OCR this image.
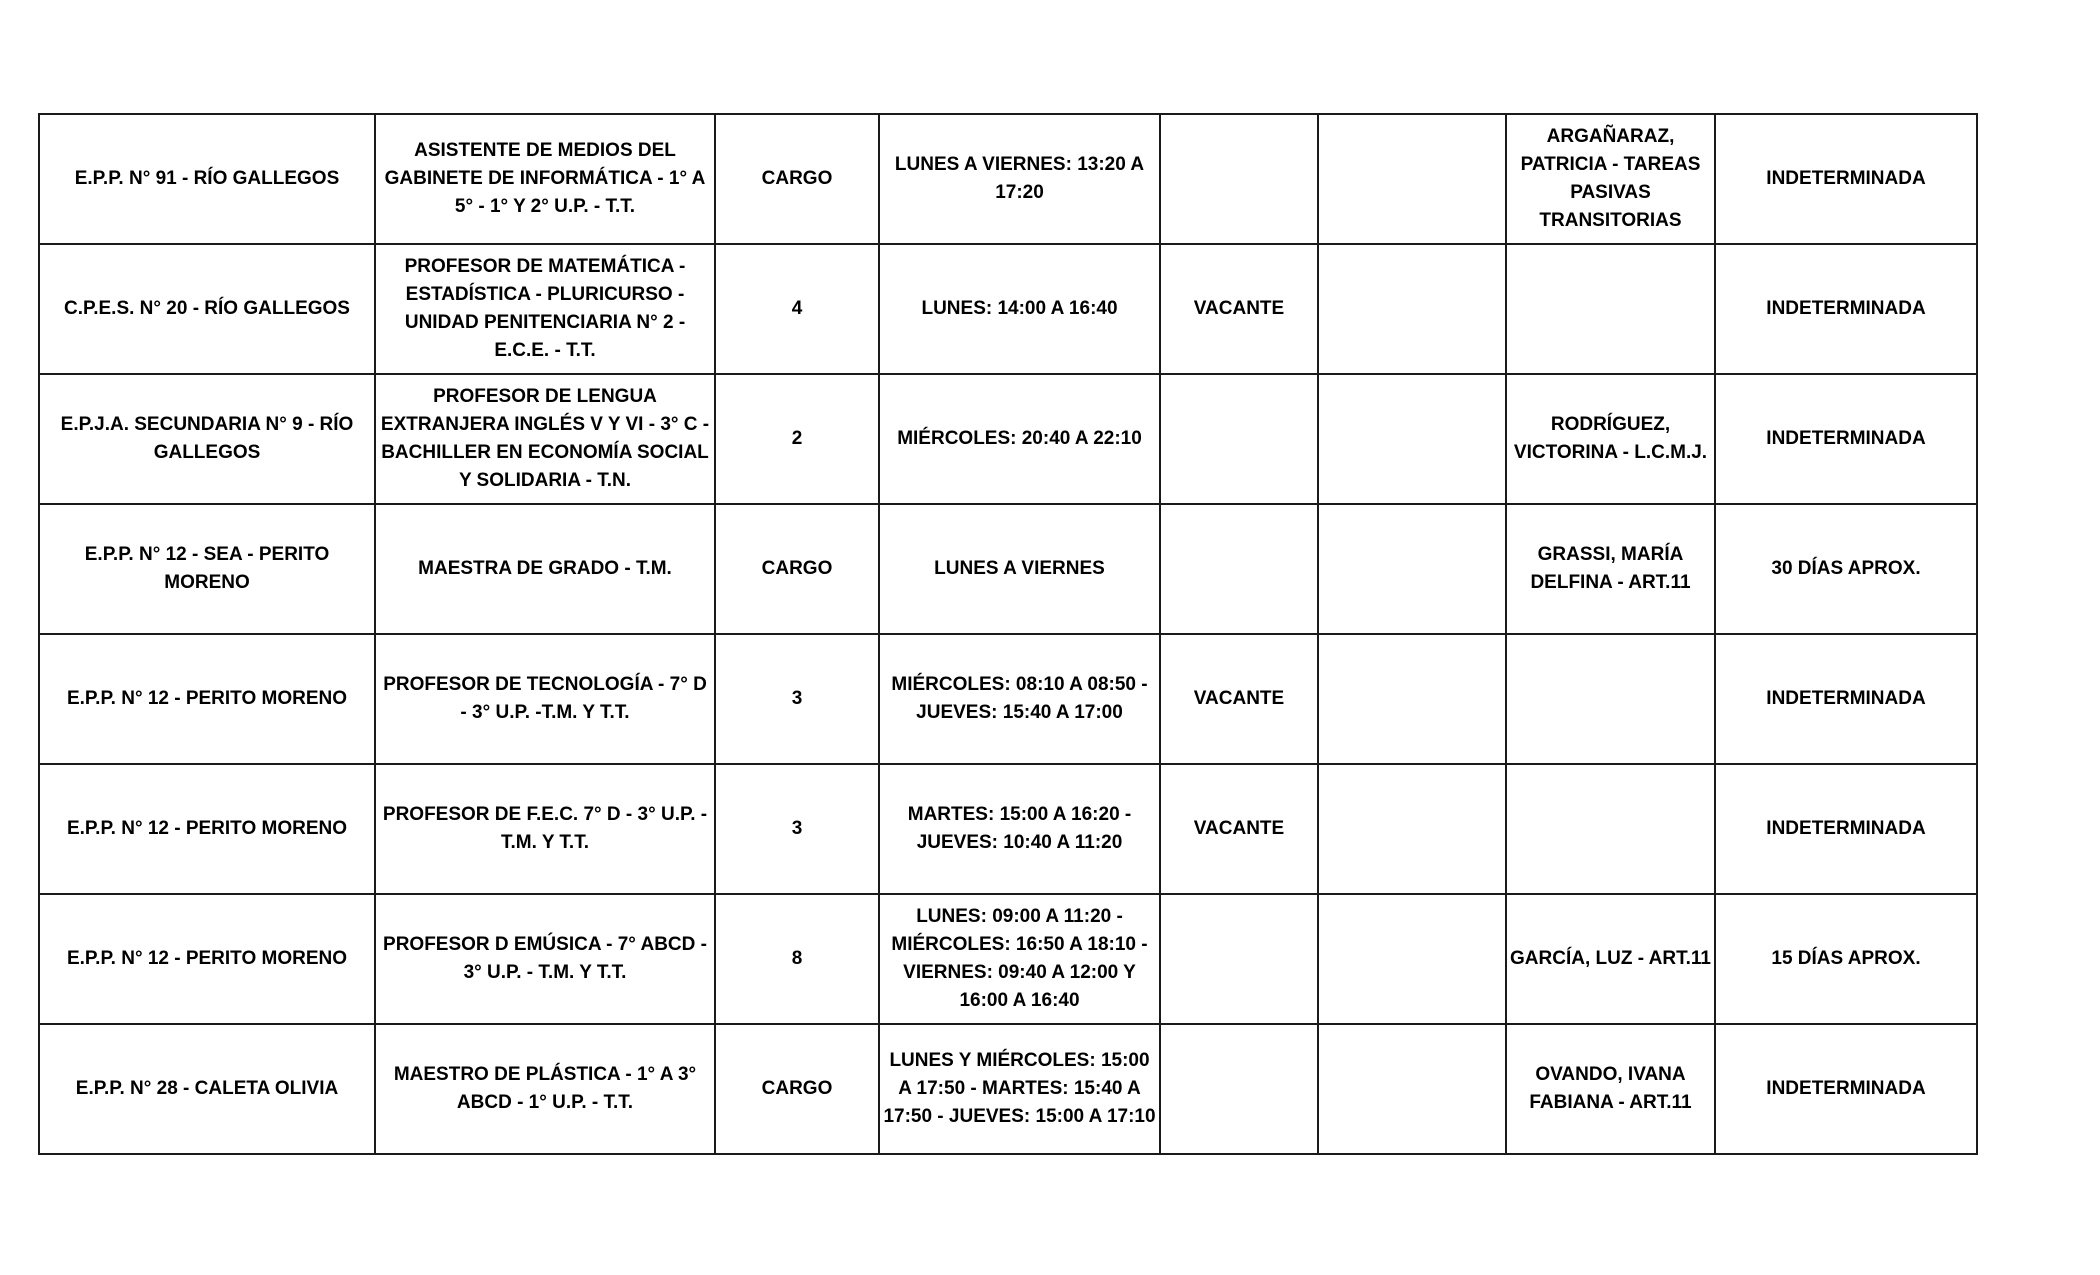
E.P.P. N° 91 - RÍO GALLEGOS	ASISTENTE DE MEDIOS DEL GABINETE DE INFORMÁTICA - 1° A 5° - 1° Y 2° U.P. - T.T.	CARGO	LUNES A VIERNES: 13:20 A 17:20			ARGAÑARAZ, PATRICIA - TAREAS PASIVAS TRANSITORIAS	INDETERMINADA
C.P.E.S. N° 20 - RÍO GALLEGOS	PROFESOR DE MATEMÁTICA - ESTADÍSTICA - PLURICURSO - UNIDAD PENITENCIARIA N° 2 - E.C.E. - T.T.	4	LUNES: 14:00 A 16:40	VACANTE			INDETERMINADA
E.P.J.A. SECUNDARIA N° 9 - RÍO GALLEGOS	PROFESOR DE LENGUA EXTRANJERA INGLÉS V Y VI - 3° C - BACHILLER EN ECONOMÍA SOCIAL Y SOLIDARIA - T.N.	2	MIÉRCOLES: 20:40 A 22:10			RODRÍGUEZ, VICTORINA - L.C.M.J.	INDETERMINADA
E.P.P. N° 12 - SEA - PERITO MORENO	MAESTRA DE GRADO - T.M.	CARGO	LUNES A VIERNES			GRASSI, MARÍA DELFINA - ART.11	30 DÍAS APROX.
E.P.P. N° 12 - PERITO MORENO	PROFESOR DE TECNOLOGÍA - 7° D - 3° U.P. -T.M. Y T.T.	3	MIÉRCOLES: 08:10 A 08:50 - JUEVES: 15:40 A 17:00	VACANTE			INDETERMINADA
E.P.P. N° 12 - PERITO MORENO	PROFESOR DE F.E.C. 7° D - 3° U.P. - T.M. Y T.T.	3	MARTES: 15:00 A 16:20 - JUEVES: 10:40 A 11:20	VACANTE			INDETERMINADA
E.P.P. N° 12 - PERITO MORENO	PROFESOR D EMÚSICA - 7° ABCD - 3° U.P. - T.M. Y T.T.	8	LUNES: 09:00 A 11:20 - MIÉRCOLES: 16:50 A 18:10 - VIERNES: 09:40 A 12:00 Y 16:00 A 16:40			GARCÍA, LUZ - ART.11	15 DÍAS APROX.
E.P.P. N° 28 - CALETA OLIVIA	MAESTRO DE PLÁSTICA - 1° A 3° ABCD - 1° U.P. - T.T.	CARGO	LUNES Y MIÉRCOLES: 15:00 A 17:50 - MARTES: 15:40 A 17:50 - JUEVES: 15:00 A 17:10			OVANDO, IVANA FABIANA - ART.11	INDETERMINADA
